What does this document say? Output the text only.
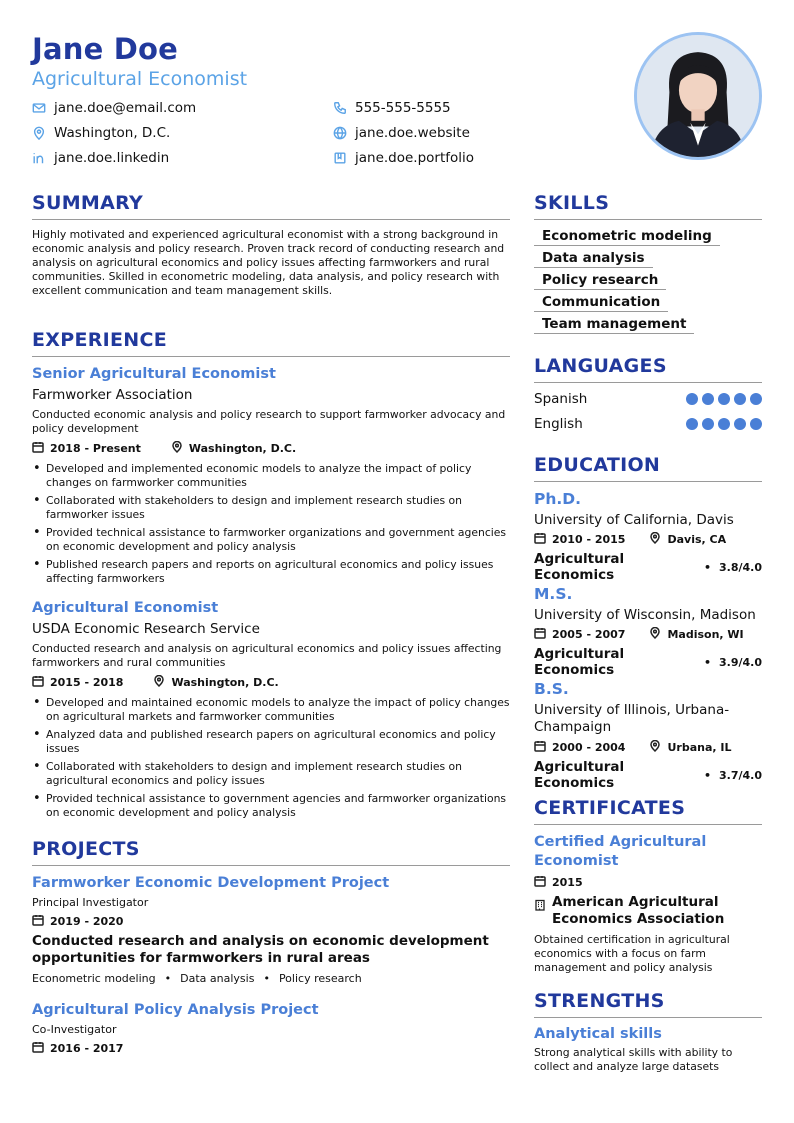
Jane Doe
Agricultural Economist
jane.doe@email.com	555-555-5555
Washington, D.C.	jane.doe.website
jane.doe.linkedin	jane.doe.portfolio
SUMMARY
Highly motivated and experienced agricultural economist with a strong background in economic analysis and policy research. Proven track record of conducting research and analysis on agricultural economics and policy issues affecting farmworkers and rural communities. Skilled in econometric modeling, data analysis, and policy research with excellent communication and team management skills.
EXPERIENCE
Senior Agricultural Economist
Farmworker Association
Conducted economic analysis and policy research to support farmworker advocacy and policy development
2018 - Present	Washington, D.C.
• Developed and implemented economic models to analyze the impact of policy changes on farmworker communities
• Collaborated with stakeholders to design and implement research studies on farmworker issues
• Provided technical assistance to farmworker organizations and government agencies on economic development and policy analysis
• Published research papers and reports on agricultural economics and policy issues affecting farmworkers
Agricultural Economist
USDA Economic Research Service
Conducted research and analysis on agricultural economics and policy issues affecting farmworkers and rural communities
2015 - 2018	Washington, D.C.
• Developed and maintained economic models to analyze the impact of policy changes on agricultural markets and farmworker communities
• Analyzed data and published research papers on agricultural economics and policy issues
• Collaborated with stakeholders to design and implement research studies on agricultural economics and policy issues
• Provided technical assistance to government agencies and farmworker organizations on economic development and policy analysis
PROJECTS
Farmworker Economic Development Project
Principal Investigator
2019 - 2020
Conducted research and analysis on economic development opportunities for farmworkers in rural areas
Econometric modeling • Data analysis • Policy research
Agricultural Policy Analysis Project
Co-Investigator
2016 - 2017
SKILLS
Econometric modeling
Data analysis
Policy research
Communication
Team management
LANGUAGES
Spanish
English
EDUCATION
Ph.D.
University of California, Davis
2010 - 2015	Davis, CA
Agricultural Economics	• 3.8/4.0
M.S.
University of Wisconsin, Madison
2005 - 2007	Madison, WI
Agricultural Economics	• 3.9/4.0
B.S.
University of Illinois, Urbana-Champaign
2000 - 2004	Urbana, IL
Agricultural Economics	• 3.7/4.0
CERTIFICATES
Certified Agricultural Economist
2015
American Agricultural Economics Association
Obtained certification in agricultural economics with a focus on farm management and policy analysis
STRENGTHS
Analytical skills
Strong analytical skills with ability to collect and analyze large datasets
